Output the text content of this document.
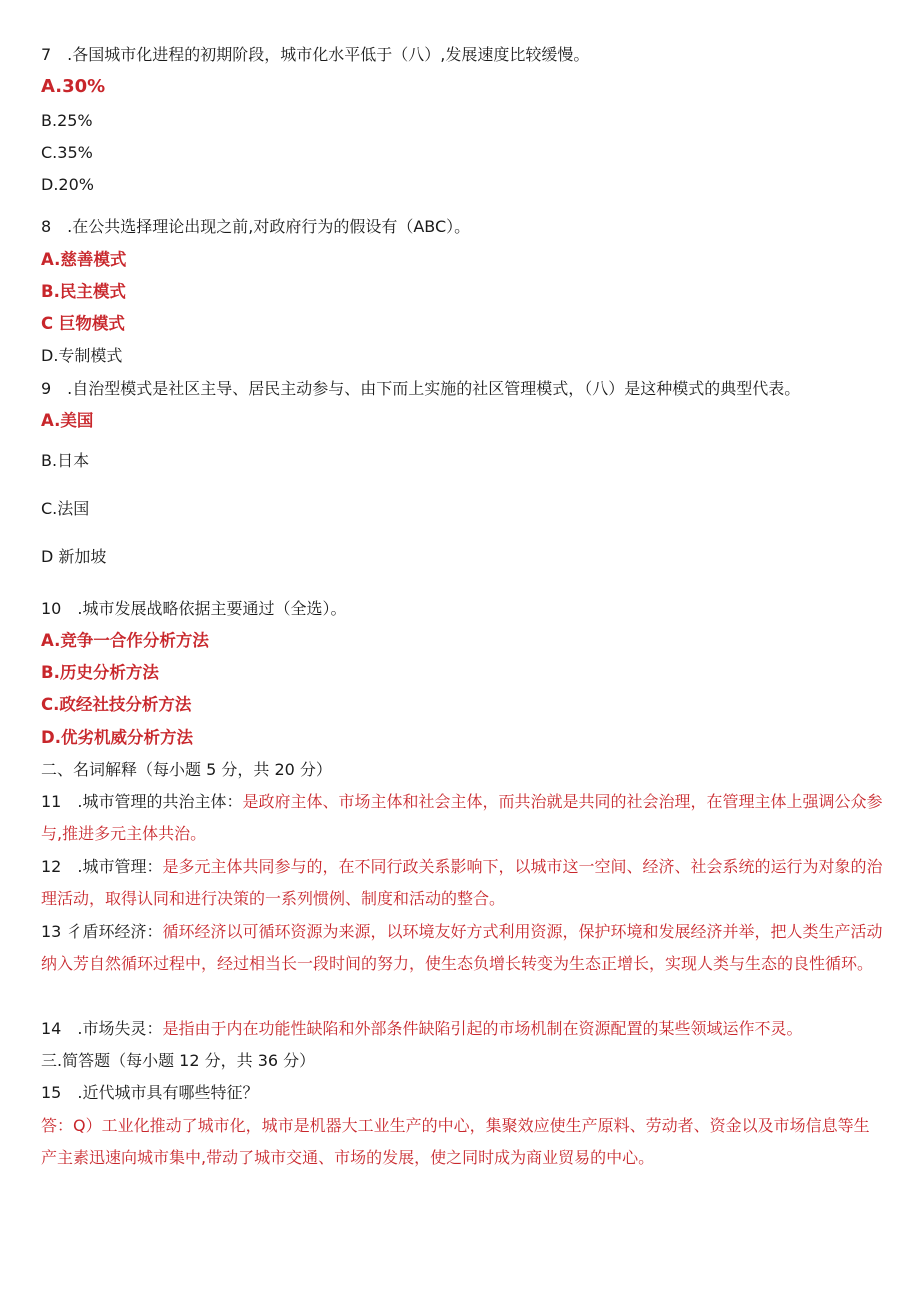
7　.各国城市化进程的初期阶段，城市化水平低于（八）,发展速度比较缓慢。
A.30%
B.25%
C.35%
D.20%
8　.在公共选择理论出现之前,对政府行为的假设有（ABC）。
A.慈善模式
B.民主模式
C 巨物模式
D.专制模式
9　.自治型模式是社区主导、居民主动参与、由下而上实施的社区管理模式，（八）是这种模式的典型代表。
A.美国
B.日本
C.法国
D 新加坡
10　.城市发展战略依据主要通过（全选）。
A.竞争一合作分析方法
B.历史分析方法
C.政经社技分析方法
D.优劣机威分析方法
二、名词解释（每小题 5 分，共 20 分）
11　.城市管理的共治主体：是政府主体、市场主体和社会主体，而共治就是共同的社会治理，在管理主体上强调公众参与,推进多元主体共治。
12　.城市管理：是多元主体共同参与的，在不同行政关系影响下，以城市这一空间、经济、社会系统的运行为对象的治理活动，取得认同和进行决策的一系列惯例、制度和活动的整合。
13 彳盾环经济：循环经济以可循环资源为来源，以环境友好方式利用资源，保护环境和发展经济并举，把人类生产活动纳入芳自然循环过程中，经过相当长一段时间的努力，使生态负增长转变为生态正增长，实现人类与生态的良性循环。
14　.市场失灵：是指由于内在功能性缺陷和外部条件缺陷引起的市场机制在资源配置的某些领域运作不灵。
三.简答题（每小题 12 分，共 36 分）
15　.近代城市具有哪些特征？
答：Q）工业化推动了城市化，城市是机器大工业生产的中心，集聚效应使生产原料、劳动者、资金以及市场信息等生产主素迅速向城市集中,带动了城市交通、市场的发展，使之同时成为商业贸易的中心。
